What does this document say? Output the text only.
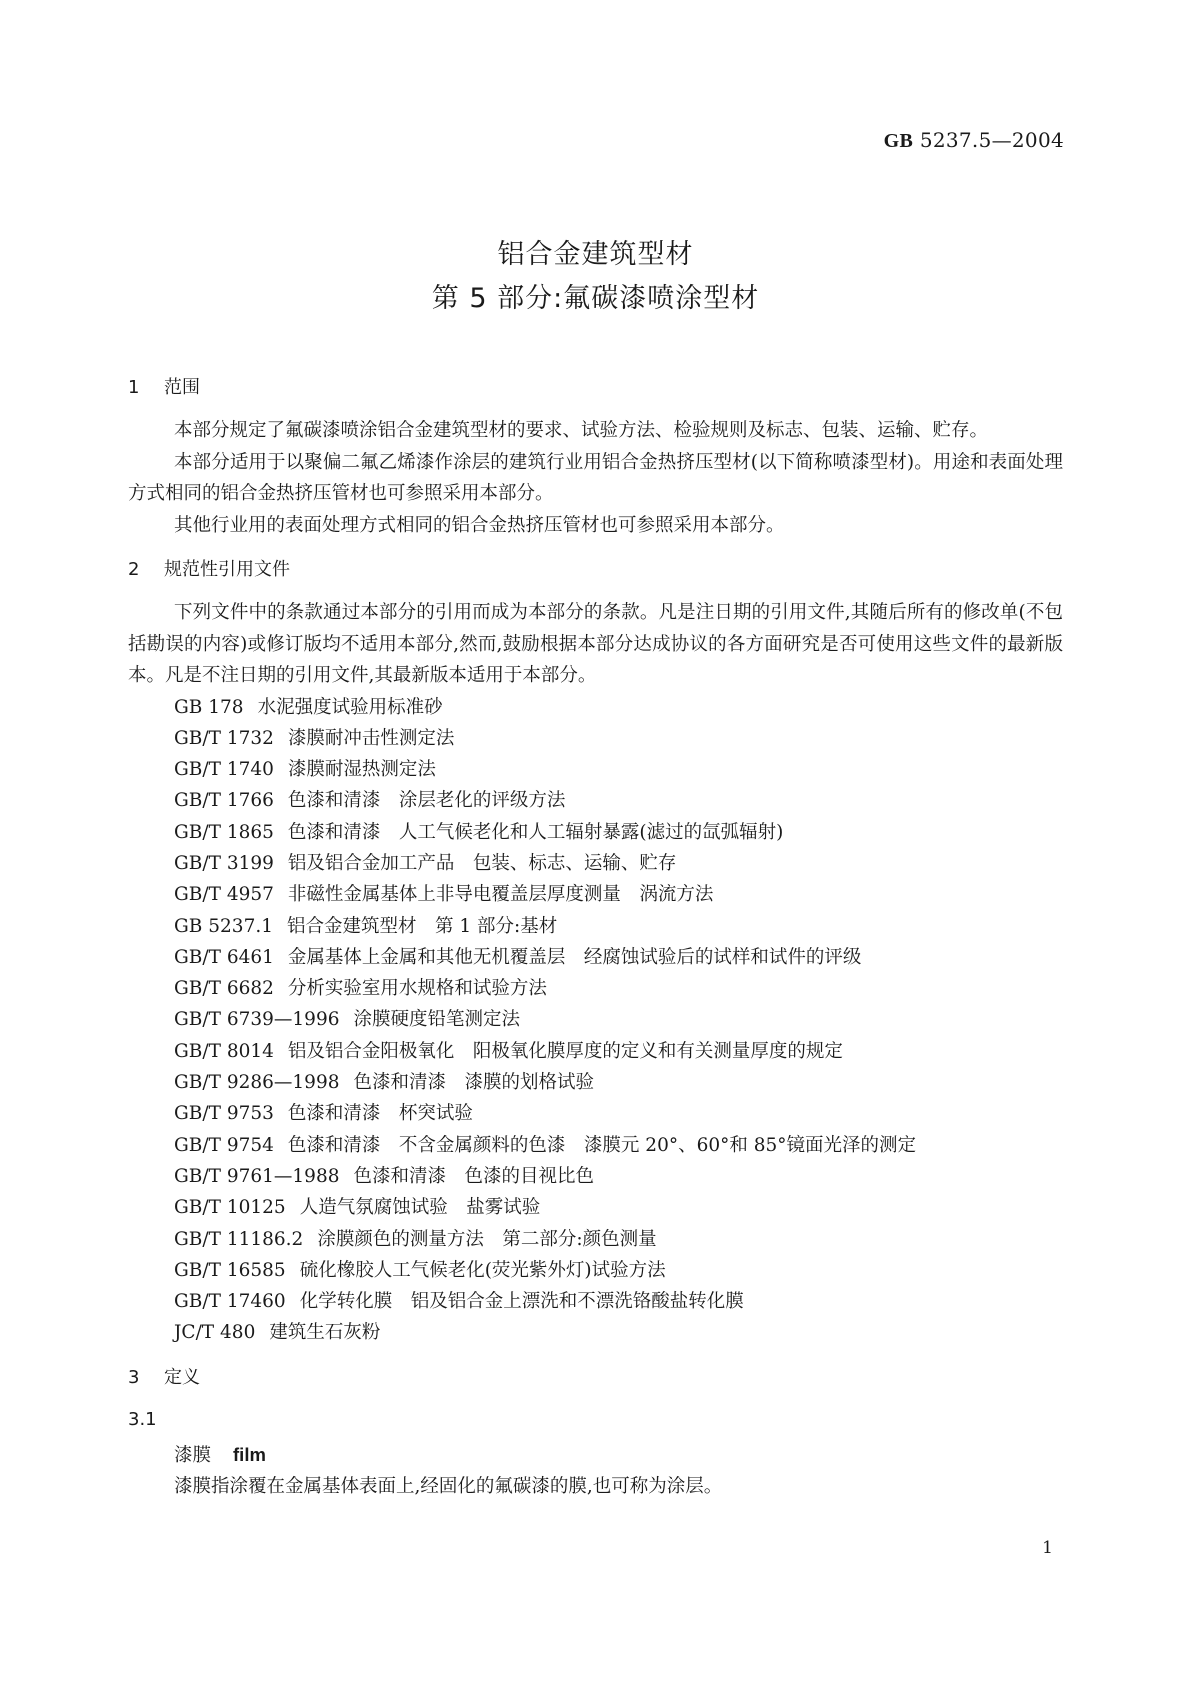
GB 5237.5—2004
铝合金建筑型材
第 5 部分:氟碳漆喷涂型材
1 范围
本部分规定了氟碳漆喷涂铝合金建筑型材的要求、试验方法、检验规则及标志、包装、运输、贮存。
本部分适用于以聚偏二氟乙烯漆作涂层的建筑行业用铝合金热挤压型材(以下简称喷漆型材)。用途和表面处理方式相同的铝合金热挤压管材也可参照采用本部分。
其他行业用的表面处理方式相同的铝合金热挤压管材也可参照采用本部分。
2 规范性引用文件
下列文件中的条款通过本部分的引用而成为本部分的条款。凡是注日期的引用文件,其随后所有的修改单(不包括勘误的内容)或修订版均不适用本部分,然而,鼓励根据本部分达成协议的各方面研究是否可使用这些文件的最新版本。凡是不注日期的引用文件,其最新版本适用于本部分。
GB 178 水泥强度试验用标准砂
GB/T 1732 漆膜耐冲击性测定法
GB/T 1740 漆膜耐湿热测定法
GB/T 1766 色漆和清漆　涂层老化的评级方法
GB/T 1865 色漆和清漆　人工气候老化和人工辐射暴露(滤过的氙弧辐射)
GB/T 3199 铝及铝合金加工产品　包装、标志、运输、贮存
GB/T 4957 非磁性金属基体上非导电覆盖层厚度测量　涡流方法
GB 5237.1 铝合金建筑型材　第 1 部分:基材
GB/T 6461 金属基体上金属和其他无机覆盖层　经腐蚀试验后的试样和试件的评级
GB/T 6682 分析实验室用水规格和试验方法
GB/T 6739—1996 涂膜硬度铅笔测定法
GB/T 8014 铝及铝合金阳极氧化　阳极氧化膜厚度的定义和有关测量厚度的规定
GB/T 9286—1998 色漆和清漆　漆膜的划格试验
GB/T 9753 色漆和清漆　杯突试验
GB/T 9754 色漆和清漆　不含金属颜料的色漆　漆膜元 20°、60°和 85°镜面光泽的测定
GB/T 9761—1988 色漆和清漆　色漆的目视比色
GB/T 10125 人造气氛腐蚀试验　盐雾试验
GB/T 11186.2 涂膜颜色的测量方法　第二部分:颜色测量
GB/T 16585 硫化橡胶人工气候老化(荧光紫外灯)试验方法
GB/T 17460 化学转化膜　铝及铝合金上漂洗和不漂洗铬酸盐转化膜
JC/T 480 建筑生石灰粉
3 定义
3.1
漆膜 film
漆膜指涂覆在金属基体表面上,经固化的氟碳漆的膜,也可称为涂层。
1
